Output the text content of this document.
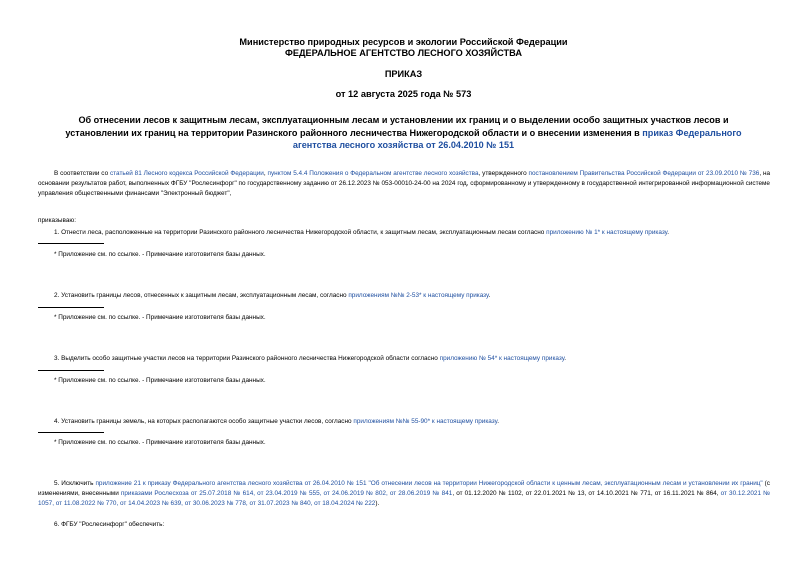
Министерство природных ресурсов и экологии Российской Федерации
ФЕДЕРАЛЬНОЕ АГЕНТСТВО ЛЕСНОГО ХОЗЯЙСТВА
ПРИКАЗ
от 12 августа 2025 года № 573
Об отнесении лесов к защитным лесам, эксплуатационным лесам и установлении их границ и о выделении особо защитных участков лесов и установлении их границ на территории Разинского районного лесничества Нижегородской области и о внесении изменения в приказ Федерального агентства лесного хозяйства от 26.04.2010 № 151
В соответствии со статьей 81 Лесного кодекса Российской Федерации, пунктом 5.4.4 Положения о Федеральном агентстве лесного хозяйства, утвержденного постановлением Правительства Российской Федерации от 23.09.2010 № 736, на основании результатов работ, выполненных ФГБУ "Рослесинфорг" по государственному заданию от 26.12.2023 № 053-00010-24-00 на 2024 год, сформированному и утвержденному в государственной интегрированной информационной системе управления общественными финансами "Электронный бюджет",
приказываю:
1. Отнести леса, расположенные на территории Разинского районного лесничества Нижегородской области, к защитным лесам, эксплуатационным лесам согласно приложению № 1* к настоящему приказу.
* Приложение см. по ссылке. - Примечание изготовителя базы данных.
2. Установить границы лесов, отнесенных к защитным лесам, эксплуатационным лесам, согласно приложениям №№ 2-53* к настоящему приказу.
* Приложение см. по ссылке. - Примечание изготовителя базы данных.
3. Выделить особо защитные участки лесов на территории Разинского районного лесничества Нижегородской области согласно приложению № 54* к настоящему приказу.
* Приложение см. по ссылке. - Примечание изготовителя базы данных.
4. Установить границы земель, на которых располагаются особо защитные участки лесов, согласно приложениям №№ 55-90* к настоящему приказу.
* Приложение см. по ссылке. - Примечание изготовителя базы данных.
5. Исключить приложение 21 к приказу Федерального агентства лесного хозяйства от 26.04.2010 № 151 "Об отнесении лесов на территории Нижегородской области к ценным лесам, эксплуатационным лесам и установлении их границ" (с изменениями, внесенными приказами Рослесхоза от 25.07.2018 № 614, от 23.04.2019 № 555, от 24.06.2019 № 802, от 28.06.2019 № 841, от 01.12.2020 № 1102, от 22.01.2021 № 13, от 14.10.2021 № 771, от 16.11.2021 № 864, от 30.12.2021 № 1057, от 11.08.2022 № 770, от 14.04.2023 № 639, от 30.06.2023 № 778, от 31.07.2023 № 840, от 18.04.2024 № 222).
6. ФГБУ "Рослесинфорг" обеспечить:
